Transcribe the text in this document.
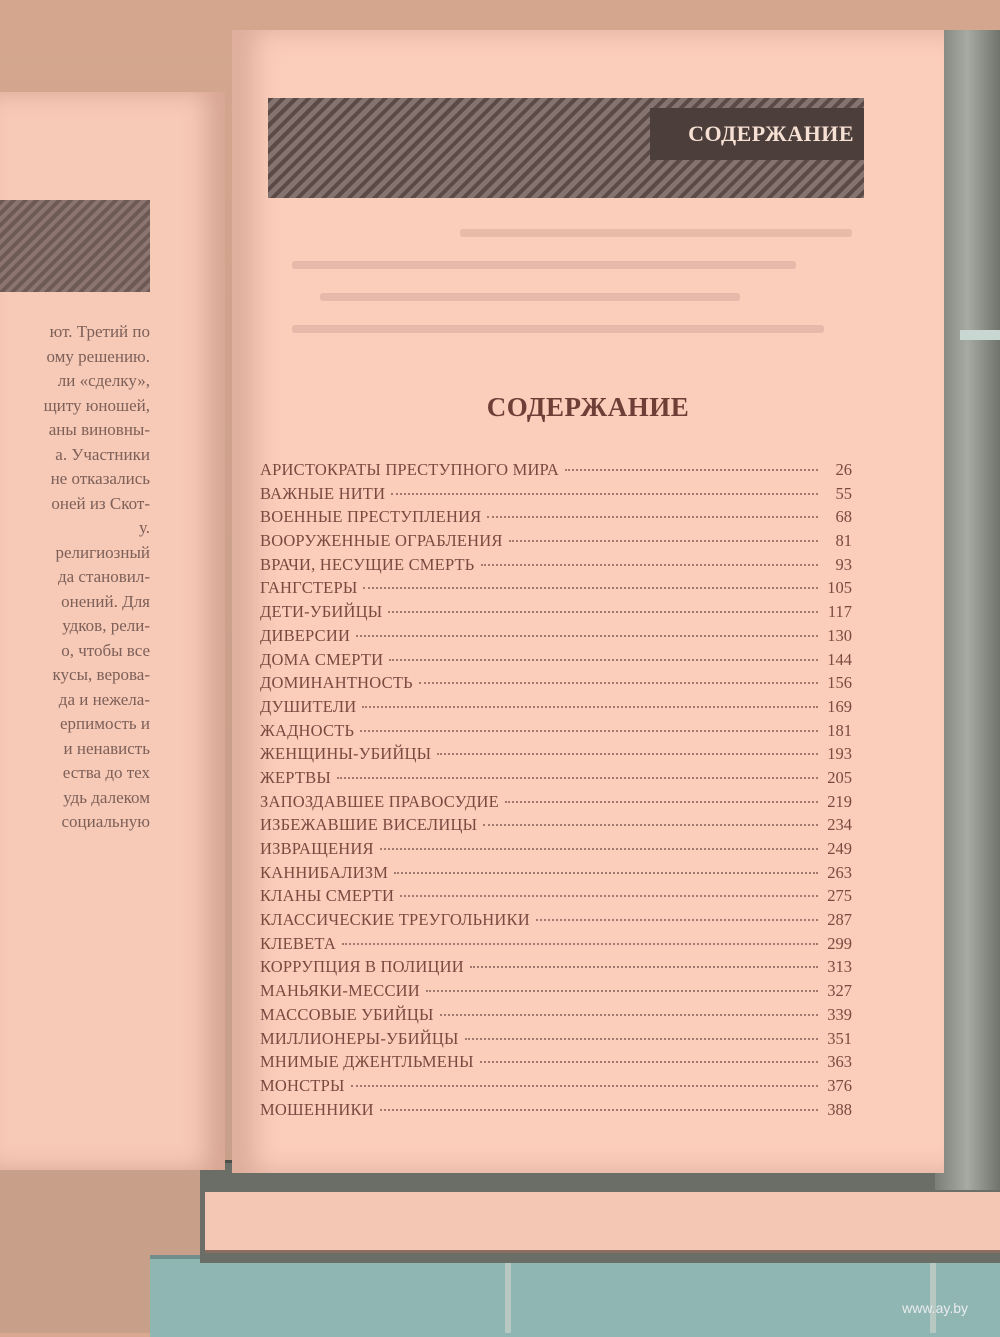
ют. Третий по
ому решению.
ли «сделку»,
щиту юношей,
аны виновны-
а. Участники
не отказались
оней из Скот-
у.
религиозный
да становил-
онений. Для
удков, рели-
о, чтобы все
кусы, верова-
да и нежела-
ерпимость и
и ненависть
ества до тех
удь далеком
социальную
СОДЕРЖАНИЕ
СОДЕРЖАНИЕ
АРИСТОКРАТЫ ПРЕСТУПНОГО МИРА	26
ВАЖНЫЕ НИТИ	55
ВОЕННЫЕ ПРЕСТУПЛЕНИЯ	68
ВООРУЖЕННЫЕ ОГРАБЛЕНИЯ	81
ВРАЧИ, НЕСУЩИЕ СМЕРТЬ	93
ГАНГСТЕРЫ	105
ДЕТИ-УБИЙЦЫ	117
ДИВЕРСИИ	130
ДОМА СМЕРТИ	144
ДОМИНАНТНОСТЬ	156
ДУШИТЕЛИ	169
ЖАДНОСТЬ	181
ЖЕНЩИНЫ-УБИЙЦЫ	193
ЖЕРТВЫ	205
ЗАПОЗДАВШЕЕ ПРАВОСУДИЕ	219
ИЗБЕЖАВШИЕ ВИСЕЛИЦЫ	234
ИЗВРАЩЕНИЯ	249
КАННИБАЛИЗМ	263
КЛАНЫ СМЕРТИ	275
КЛАССИЧЕСКИЕ ТРЕУГОЛЬНИКИ	287
КЛЕВЕТА	299
КОРРУПЦИЯ В ПОЛИЦИИ	313
МАНЬЯКИ-МЕССИИ	327
МАССОВЫЕ УБИЙЦЫ	339
МИЛЛИОНЕРЫ-УБИЙЦЫ	351
МНИМЫЕ ДЖЕНТЛЬМЕНЫ	363
МОНСТРЫ	376
МОШЕННИКИ	388
www.ay.by
